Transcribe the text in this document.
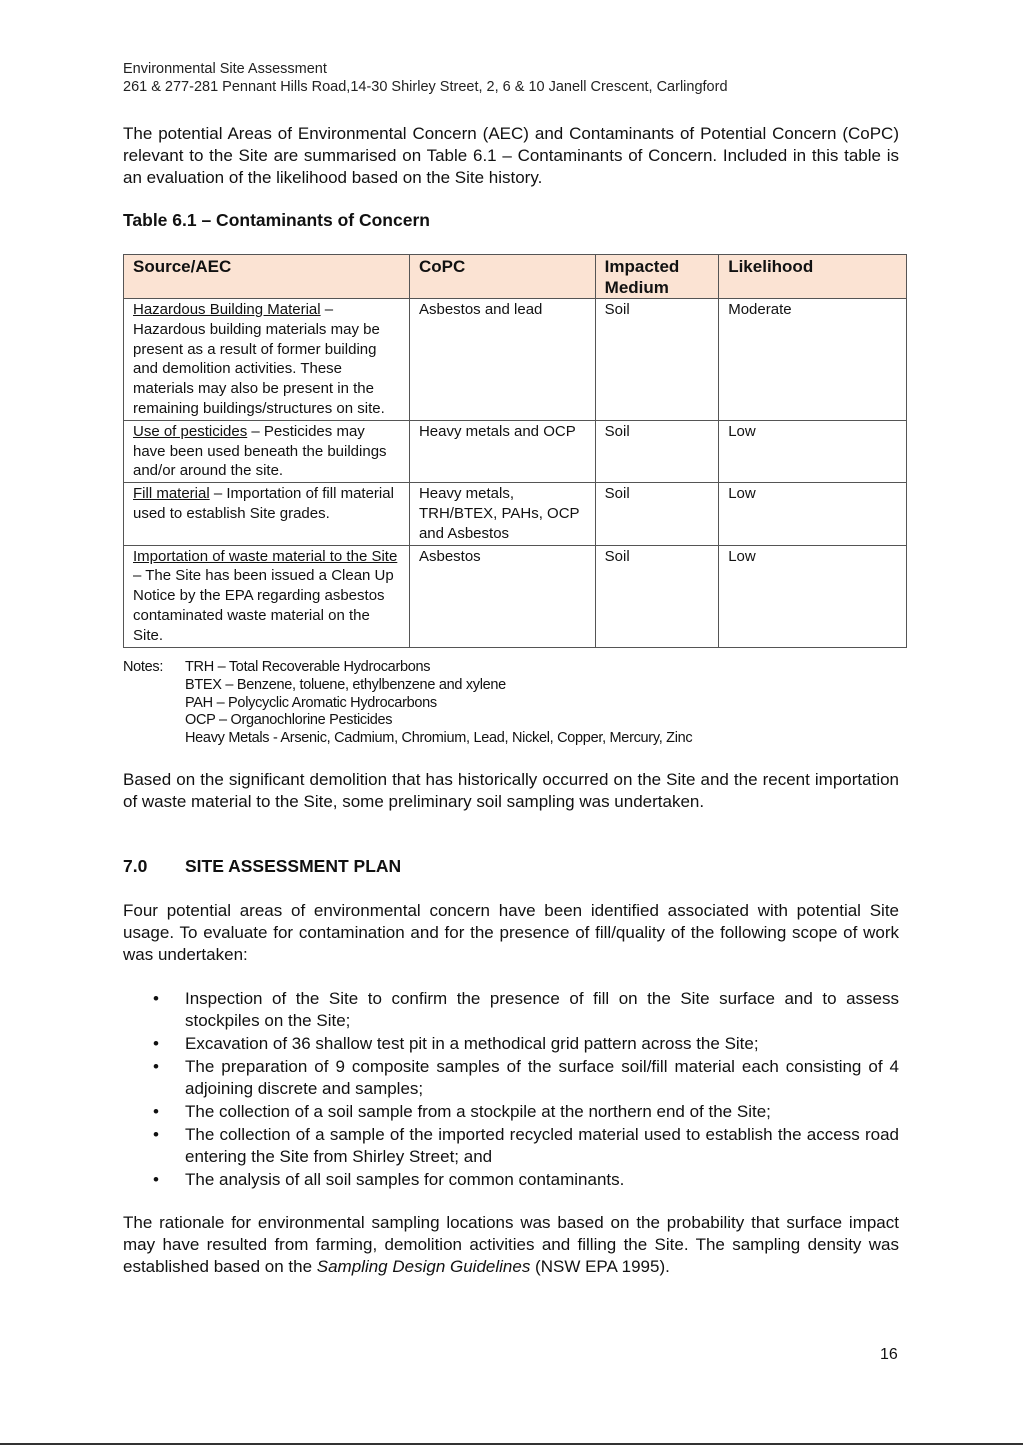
Environmental Site Assessment
261 & 277-281 Pennant Hills Road,14-30 Shirley Street, 2, 6 & 10 Janell Crescent, Carlingford
The potential Areas of Environmental Concern (AEC) and Contaminants of Potential Concern (CoPC) relevant to the Site are summarised on Table 6.1 – Contaminants of Concern. Included in this table is an evaluation of the likelihood based on the Site history.
Table 6.1 – Contaminants of Concern
Source/AEC	CoPC	Impacted Medium	Likelihood
Hazardous Building Material – Hazardous building materials may be present as a result of former building and demolition activities. These materials may also be present in the remaining buildings/structures on site.	Asbestos and lead	Soil	Moderate
Use of pesticides – Pesticides may have been used beneath the buildings and/or around the site.	Heavy metals and OCP	Soil	Low
Fill material – Importation of fill material used to establish Site grades.	Heavy metals, TRH/BTEX, PAHs, OCP and Asbestos	Soil	Low
Importation of waste material to the Site – The Site has been issued a Clean Up Notice by the EPA regarding asbestos contaminated waste material on the Site.	Asbestos	Soil	Low
Notes: TRH – Total Recoverable Hydrocarbons
BTEX – Benzene, toluene, ethylbenzene and xylene
PAH – Polycyclic Aromatic Hydrocarbons
OCP – Organochlorine Pesticides
Heavy Metals - Arsenic, Cadmium, Chromium, Lead, Nickel, Copper, Mercury, Zinc
Based on the significant demolition that has historically occurred on the Site and the recent importation of waste material to the Site, some preliminary soil sampling was undertaken.
7.0 SITE ASSESSMENT PLAN
Four potential areas of environmental concern have been identified associated with potential Site usage. To evaluate for contamination and for the presence of fill/quality of the following scope of work was undertaken:
• Inspection of the Site to confirm the presence of fill on the Site surface and to assess stockpiles on the Site;
• Excavation of 36 shallow test pit in a methodical grid pattern across the Site;
• The preparation of 9 composite samples of the surface soil/fill material each consisting of 4 adjoining discrete and samples;
• The collection of a soil sample from a stockpile at the northern end of the Site;
• The collection of a sample of the imported recycled material used to establish the access road entering the Site from Shirley Street; and
• The analysis of all soil samples for common contaminants.
The rationale for environmental sampling locations was based on the probability that surface impact may have resulted from farming, demolition activities and filling the Site. The sampling density was established based on the Sampling Design Guidelines (NSW EPA 1995).
16
